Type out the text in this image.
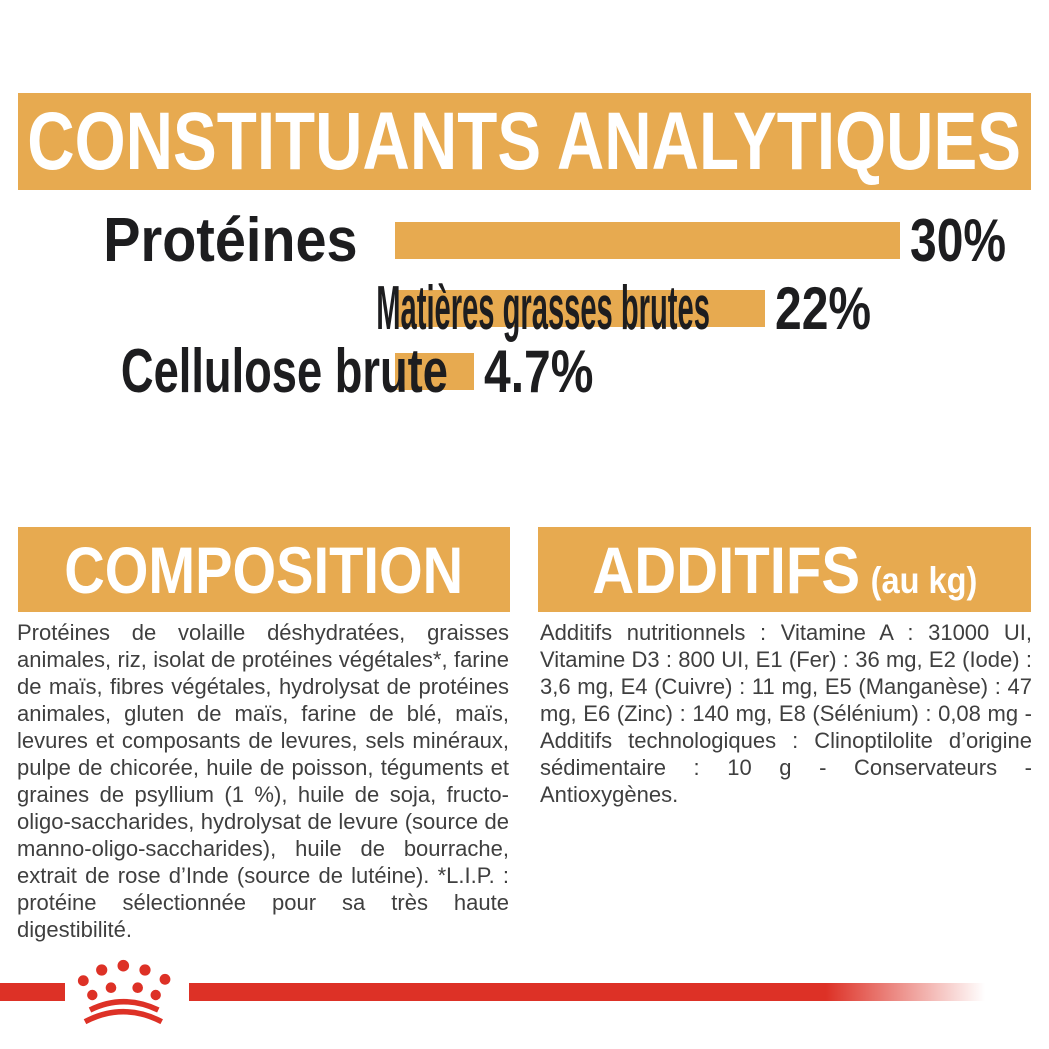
CONSTITUANTS ANALYTIQUES
Protéines	30%
Matières grasses brutes 22%
Cellulose brute 4.7%
COMPOSITION
Protéines de volaille déshydratées, graisses animales, riz, isolat de protéines végétales*, farine de maïs, fibres végétales, hydrolysat de protéines animales, gluten de maïs, farine de blé, maïs, levures et composants de levures, sels minéraux, pulpe de chicorée, huile de poisson, téguments et graines de psyllium (1 %), huile de soja, fructo-oligo-saccharides, hydrolysat de levure (source de manno-oligo-saccharides), huile de bourrache, extrait de rose d’Inde (source de lutéine). *L.I.P. : protéine sélectionnée pour sa très haute digestibilité.
ADDITIFS (au kg)
Additifs nutritionnels : Vitamine A : 31000 UI, Vitamine D3 : 800 UI, E1 (Fer) : 36 mg, E2 (Iode) : 3,6 mg, E4 (Cuivre) : 11 mg, E5 (Manganèse) : 47 mg, E6 (Zinc) : 140 mg, E8 (Sélénium) : 0,08 mg - Additifs technologiques : Clinoptilolite d’origine sédimentaire : 10 g - Conservateurs - Antioxygènes.
